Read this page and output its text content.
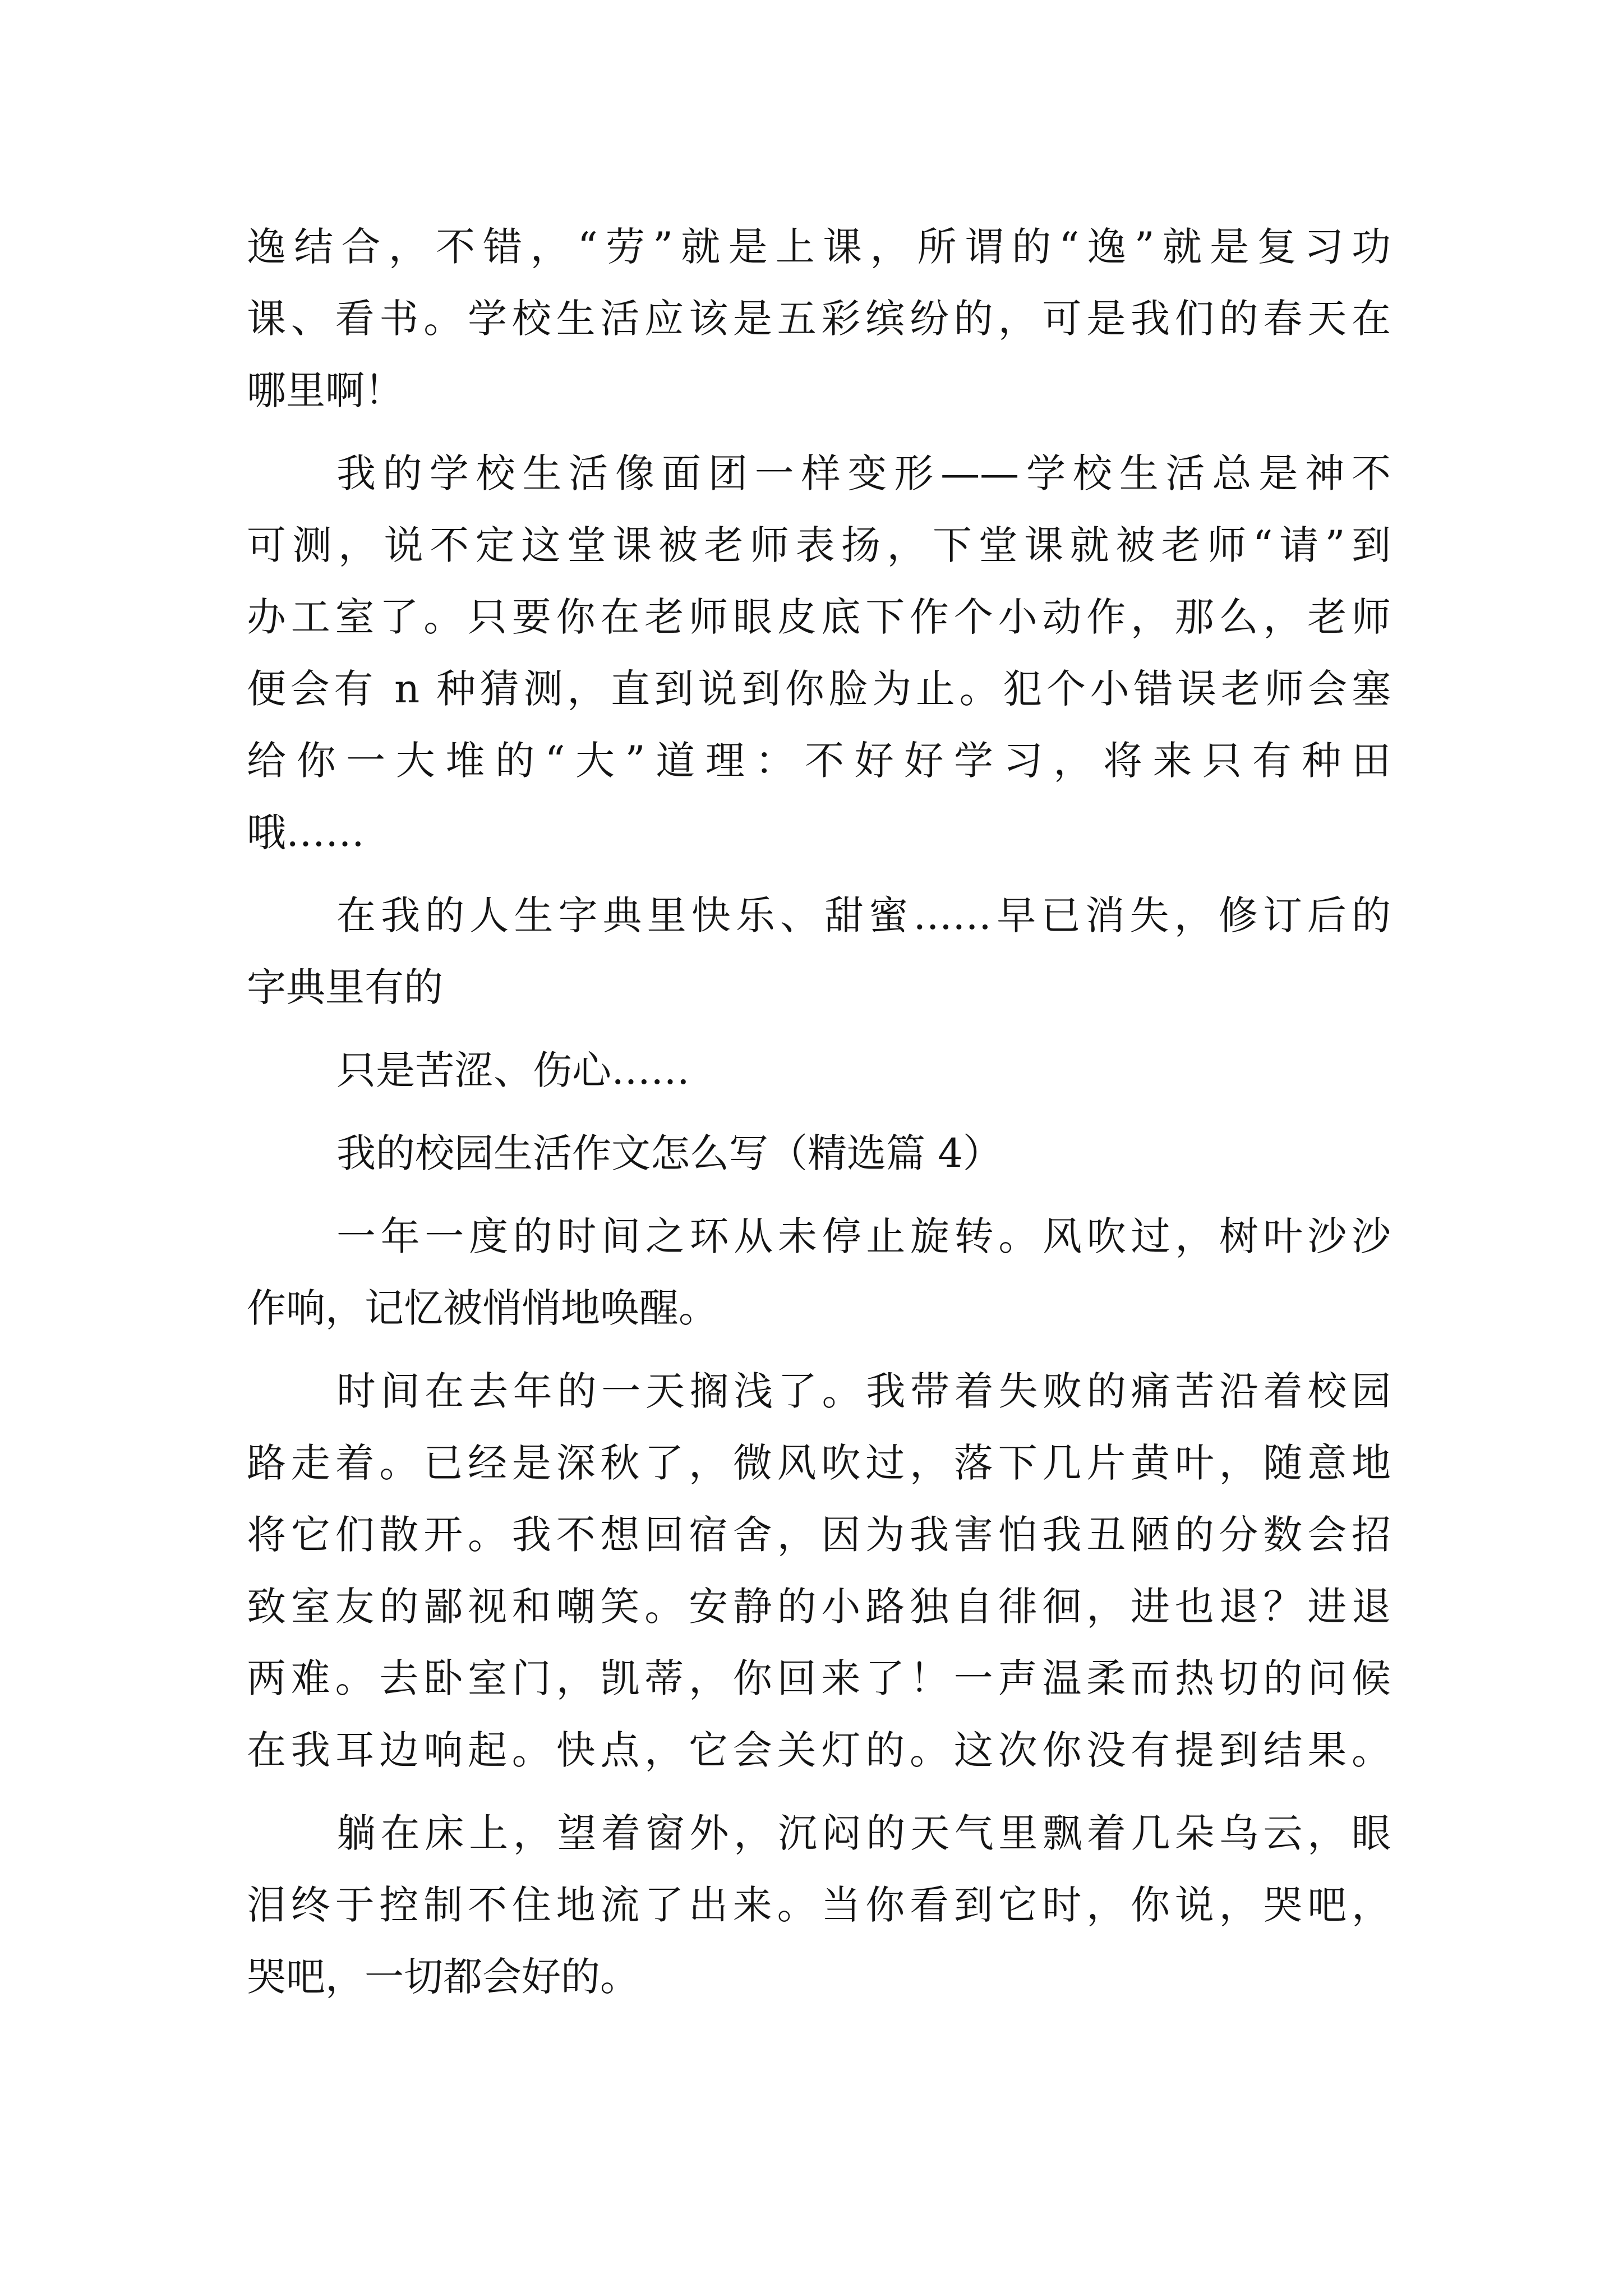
逸结合，不错，“劳”就是上课，所谓的“逸”就是复习功

课、看书。学校生活应该是五彩缤纷的，可是我们的春天在

哪里啊！

我的学校生活像面团一样变形——学校生活总是神不

可测，说不定这堂课被老师表扬，下堂课就被老师“请”到

办工室了。只要你在老师眼皮底下作个小动作，那么，老师

便会有 n 种猜测，直到说到你脸为止。犯个小错误老师会塞

给你一大堆的“大”道理：不好好学习，将来只有种田

哦……

在我的人生字典里快乐、甜蜜……早已消失，修订后的

字典里有的

只是苦涩、伤心……

我的校园生活作文怎么写（精选篇 4）

一年一度的时间之环从未停止旋转。风吹过，树叶沙沙

作响，记忆被悄悄地唤醒。

时间在去年的一天搁浅了。我带着失败的痛苦沿着校园

路走着。已经是深秋了，微风吹过，落下几片黄叶，随意地

将它们散开。我不想回宿舍，因为我害怕我丑陋的分数会招

致室友的鄙视和嘲笑。安静的小路独自徘徊，进也退？进退

两难。去卧室门，凯蒂，你回来了！一声温柔而热切的问候

在我耳边响起。快点，它会关灯的。这次你没有提到结果。

躺在床上，望着窗外，沉闷的天气里飘着几朵乌云，眼

泪终于控制不住地流了出来。当你看到它时，你说，哭吧，

哭吧，一切都会好的。
